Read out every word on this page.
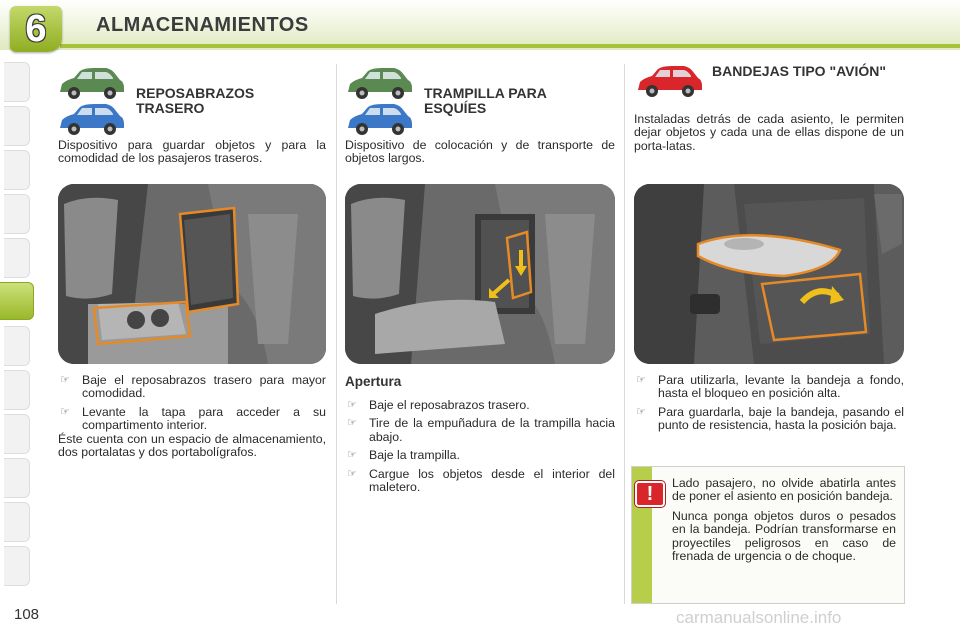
6	ALMACENAMIENTOS
REPOSABRAZOS TRASERO
Dispositivo para guardar objetos y para la comodidad de los pasajeros traseros.
☞ Baje el reposabrazos trasero para mayor comodidad.
☞ Levante la tapa para acceder a su compartimento interior.
Éste cuenta con un espacio de almacenamiento, dos portalatas y dos portabolígrafos.
TRAMPILLA PARA ESQUÍES
Dispositivo de colocación y de transporte de objetos largos.
Apertura
☞ Baje el reposabrazos trasero.
☞ Tire de la empuñadura de la trampilla hacia abajo.
☞ Baje la trampilla.
☞ Cargue los objetos desde el interior del maletero.
BANDEJAS TIPO "AVIÓN"
Instaladas detrás de cada asiento, le permiten dejar objetos y cada una de ellas dispone de un porta-latas.
☞ Para utilizarla, levante la bandeja a fondo, hasta el bloqueo en posición alta.
☞ Para guardarla, baje la bandeja, pasando el punto de resistencia, hasta la posición baja.
!	Lado pasajero, no olvide abatirla antes de poner el asiento en posición bandeja.

Nunca ponga objetos duros o pesados en la bandeja. Podrían transformarse en proyectiles peligrosos en caso de frenada de urgencia o de choque.

108	carmanualsonline.info
